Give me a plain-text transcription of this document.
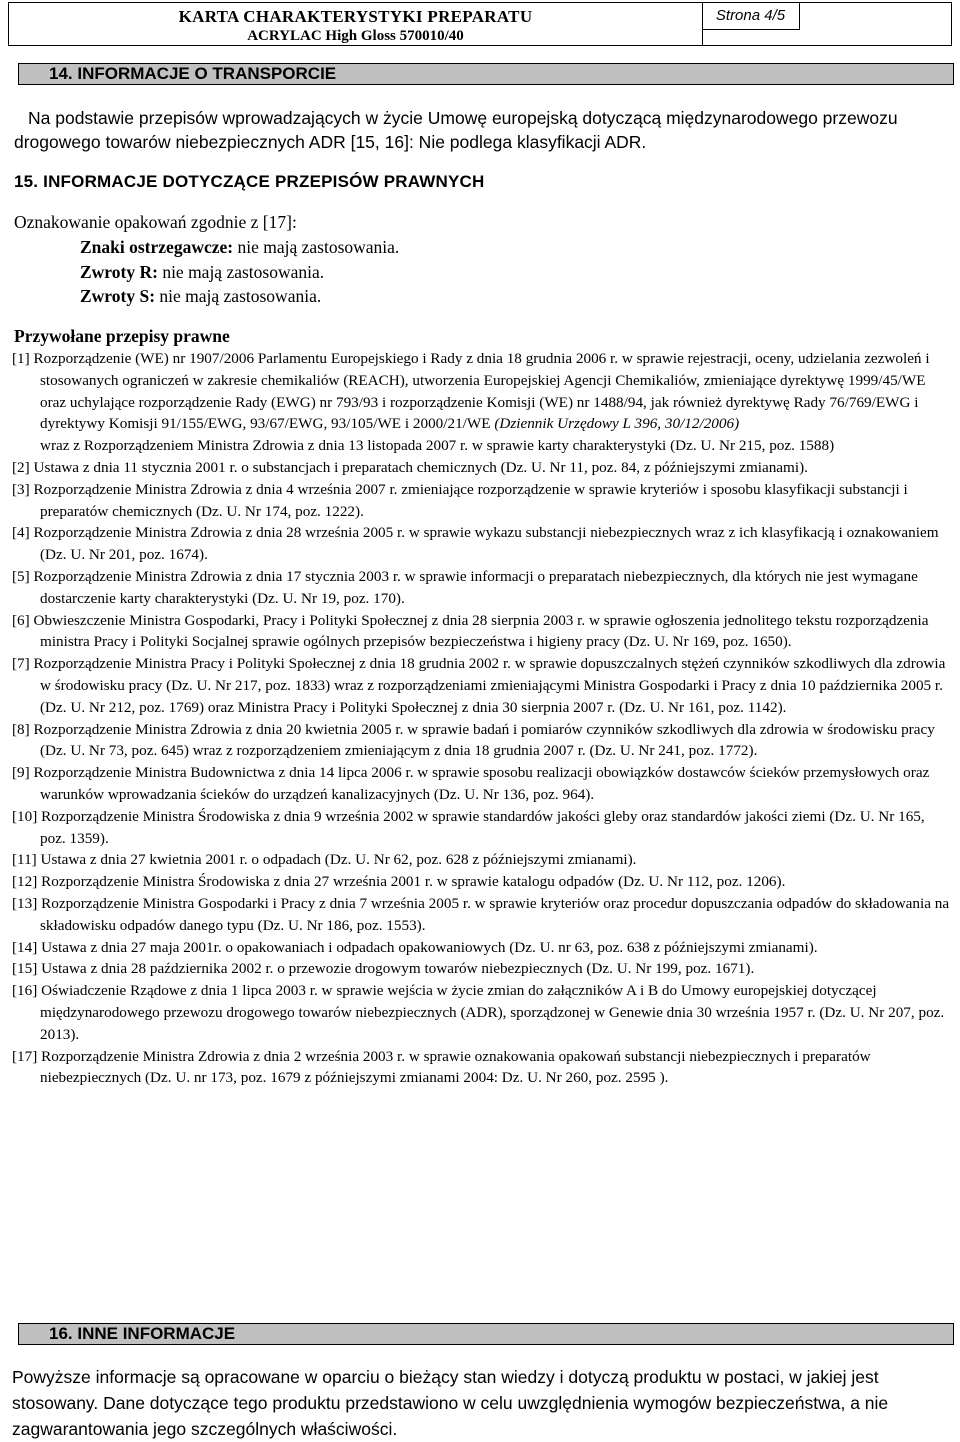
KARTA CHARAKTERYSTYKI PREPARATU
ACRYLAC High Gloss 570010/40
Strona 4/5
14. INFORMACJE O TRANSPORCIE
Na podstawie przepisów wprowadzających w życie Umowę europejską dotyczącą międzynarodowego przewozu drogowego towarów niebezpiecznych ADR [15, 16]: Nie podlega klasyfikacji ADR.
15. INFORMACJE DOTYCZĄCE PRZEPISÓW PRAWNYCH
Oznakowanie opakowań zgodnie z [17]:
Znaki ostrzegawcze: nie mają zastosowania.
Zwroty R: nie mają zastosowania.
Zwroty S: nie mają zastosowania.
Przywołane przepisy prawne

[1] Rozporządzenie (WE) nr 1907/2006 Parlamentu Europejskiego i Rady z dnia 18 grudnia 2006 r. w sprawie rejestracji, oceny, udzielania zezwoleń i stosowanych ograniczeń w zakresie chemikaliów (REACH), utworzenia Europejskiej Agencji Chemikaliów, zmieniające dyrektywę 1999/45/WE oraz uchylające rozporządzenie Rady (EWG) nr 793/93 i rozporządzenie Komisji (WE) nr 1488/94, jak również dyrektywę Rady 76/769/EWG i dyrektywy Komisji 91/155/EWG, 93/67/EWG, 93/105/WE i 2000/21/WE (Dziennik Urzędowy L 396, 30/12/2006)

wraz z Rozporządzeniem Ministra Zdrowia z dnia 13 listopada 2007 r. w sprawie karty charakterystyki (Dz. U. Nr 215, poz. 1588)

[2] Ustawa z dnia 11 stycznia 2001 r. o substancjach i preparatach chemicznych (Dz. U. Nr 11, poz. 84, z późniejszymi zmianami).

[3] Rozporządzenie Ministra Zdrowia z dnia 4 września 2007 r. zmieniające rozporządzenie w sprawie kryteriów i sposobu klasyfikacji substancji i preparatów chemicznych (Dz. U. Nr 174, poz. 1222).

[4] Rozporządzenie Ministra Zdrowia z dnia 28 września 2005 r. w sprawie wykazu substancji niebezpiecznych wraz z ich klasyfikacją i oznakowaniem (Dz. U. Nr 201, poz. 1674).

[5] Rozporządzenie Ministra Zdrowia z dnia 17 stycznia 2003 r. w sprawie informacji o preparatach niebezpiecznych, dla których nie jest wymagane dostarczenie karty charakterystyki (Dz. U. Nr 19, poz. 170).

[6] Obwieszczenie Ministra Gospodarki, Pracy i Polityki Społecznej z dnia 28 sierpnia 2003 r. w sprawie ogłoszenia jednolitego tekstu rozporządzenia ministra Pracy i Polityki Socjalnej sprawie ogólnych przepisów bezpieczeństwa i higieny pracy (Dz. U. Nr 169, poz. 1650).

[7] Rozporządzenie Ministra Pracy i Polityki Społecznej z dnia 18 grudnia 2002 r. w sprawie dopuszczalnych stężeń czynników szkodliwych dla zdrowia w środowisku pracy (Dz. U. Nr 217, poz. 1833) wraz z rozporządzeniami zmieniającymi Ministra Gospodarki i Pracy z dnia 10 października 2005 r. (Dz. U. Nr 212, poz. 1769) oraz Ministra Pracy i Polityki Społecznej z dnia 30 sierpnia 2007 r. (Dz. U. Nr 161, poz. 1142).

[8] Rozporządzenie Ministra Zdrowia z dnia 20 kwietnia 2005 r. w sprawie badań i pomiarów czynników szkodliwych dla zdrowia w środowisku pracy (Dz. U. Nr 73, poz. 645) wraz z rozporządzeniem zmieniającym z dnia 18 grudnia 2007 r. (Dz. U. Nr 241, poz. 1772).

[9] Rozporządzenie Ministra Budownictwa z dnia 14 lipca 2006 r. w sprawie sposobu realizacji obowiązków dostawców ścieków przemysłowych oraz warunków wprowadzania ścieków do urządzeń kanalizacyjnych (Dz. U. Nr 136, poz. 964).

[10] Rozporządzenie Ministra Środowiska z dnia 9 września 2002 w sprawie standardów jakości gleby oraz standardów jakości ziemi (Dz. U. Nr 165, poz. 1359).

[11] Ustawa z dnia 27 kwietnia 2001 r. o odpadach (Dz. U. Nr 62, poz. 628 z późniejszymi zmianami).

[12] Rozporządzenie Ministra Środowiska z dnia 27 września 2001 r. w sprawie katalogu odpadów (Dz. U. Nr 112, poz. 1206).

[13] Rozporządzenie Ministra Gospodarki i Pracy z dnia 7 września 2005 r. w sprawie kryteriów oraz procedur dopuszczania odpadów do składowania na składowisku odpadów danego typu (Dz. U. Nr 186, poz. 1553).

[14] Ustawa z dnia 27 maja 2001r. o opakowaniach i odpadach opakowaniowych (Dz. U. nr 63, poz. 638 z późniejszymi zmianami).

[15] Ustawa z dnia 28 października 2002 r. o przewozie drogowym towarów niebezpiecznych (Dz. U. Nr 199, poz. 1671).

[16] Oświadczenie Rządowe z dnia 1 lipca 2003 r. w sprawie wejścia w życie zmian do załączników A i B do Umowy europejskiej dotyczącej międzynarodowego przewozu drogowego towarów niebezpiecznych (ADR), sporządzonej w Genewie dnia 30 września 1957 r. (Dz. U. Nr 207, poz. 2013).

[17] Rozporządzenie Ministra Zdrowia z dnia 2 września 2003 r. w sprawie oznakowania opakowań substancji niebezpiecznych i preparatów niebezpiecznych (Dz. U. nr 173, poz. 1679 z późniejszymi zmianami 2004: Dz. U. Nr 260, poz. 2595 ).

16. INNE INFORMACJE
Powyższe informacje są opracowane w oparciu o bieżący stan wiedzy i dotyczą produktu w postaci, w jakiej jest stosowany. Dane dotyczące tego produktu przedstawiono w celu uwzględnienia wymogów bezpieczeństwa, a nie zagwarantowania jego szczególnych właściwości.
